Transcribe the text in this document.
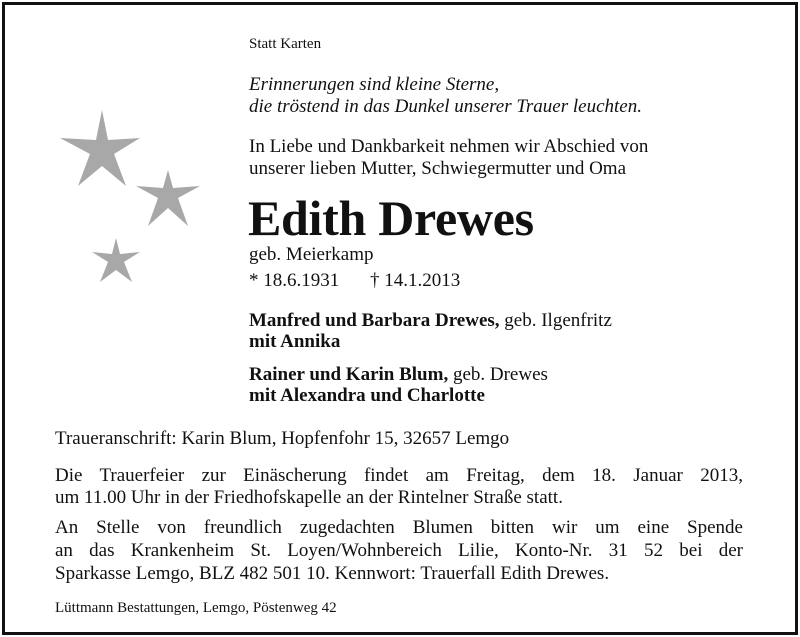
Statt Karten
Erinnerungen sind kleine Sterne,
die tröstend in das Dunkel unserer Trauer leuchten.
In Liebe und Dankbarkeit nehmen wir Abschied von
unserer lieben Mutter, Schwiegermutter und Oma
Edith Drewes
geb. Meierkamp
* 18.6.1931 † 14.1.2013
Manfred und Barbara Drewes, geb. Ilgenfritz
mit Annika
Rainer und Karin Blum, geb. Drewes
mit Alexandra und Charlotte
Traueranschrift: Karin Blum, Hopfenfohr 15, 32657 Lemgo
Die Trauerfeier zur Einäscherung findet am Freitag, dem 18. Januar 2013,
um 11.00 Uhr in der Friedhofskapelle an der Rintelner Straße statt.
An Stelle von freundlich zugedachten Blumen bitten wir um eine Spende
an das Krankenheim St. Loyen/Wohnbereich Lilie, Konto-Nr. 31 52 bei der
Sparkasse Lemgo, BLZ 482 501 10. Kennwort: Trauerfall Edith Drewes.
Lüttmann Bestattungen, Lemgo, Pöstenweg 42
